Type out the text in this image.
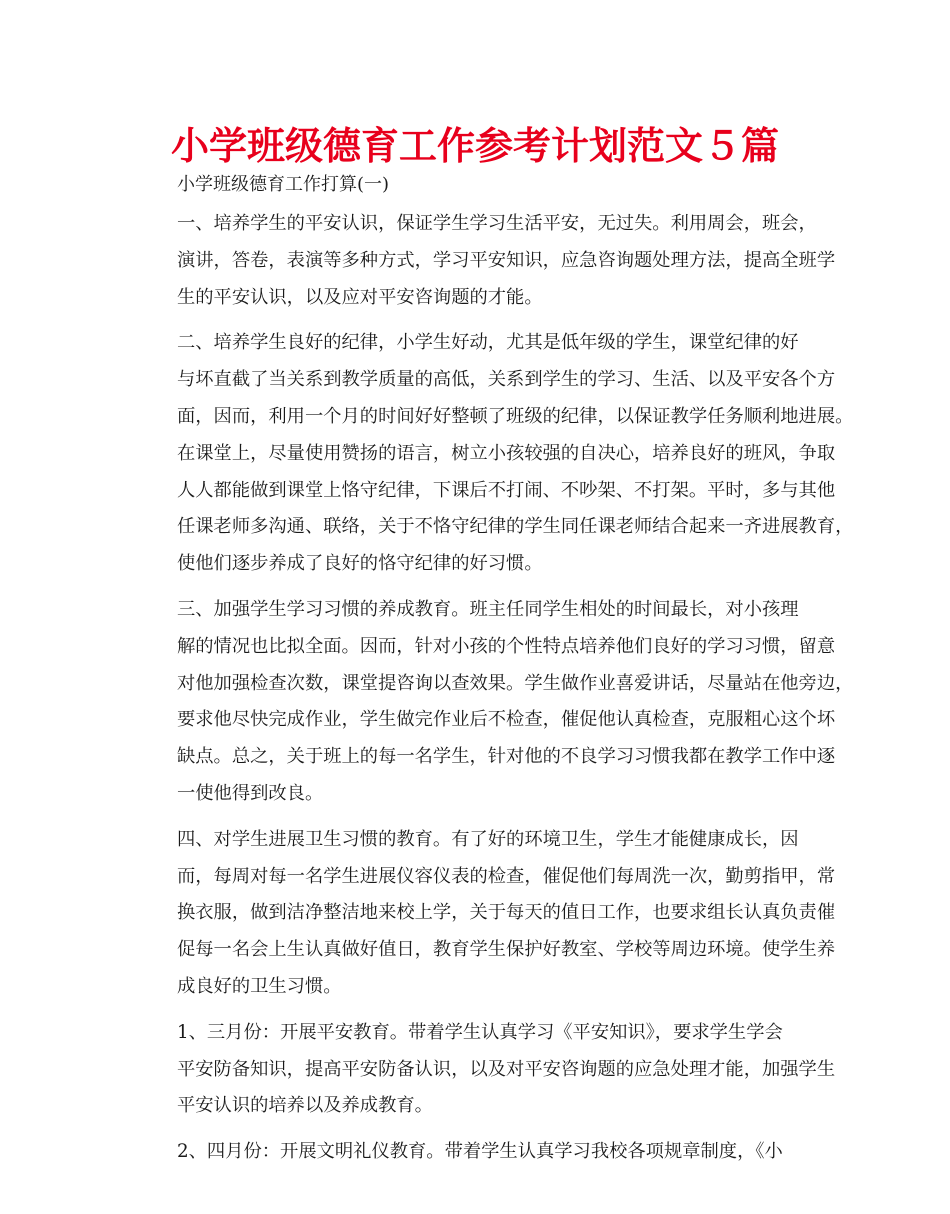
小学班级德育工作参考计划范文５篇
小学班级德育工作打算(一)

一、培养学生的平安认识，保证学生学习生活平安，无过失。利用周会，班会，
演讲，答卷，表演等多种方式，学习平安知识，应急咨询题处理方法，提高全班学
生的平安认识，以及应对平安咨询题的才能。

二、培养学生良好的纪律，小学生好动，尤其是低年级的学生，课堂纪律的好
与坏直截了当关系到教学质量的高低，关系到学生的学习、生活、以及平安各个方
面，因而，利用一个月的时间好好整顿了班级的纪律，以保证教学任务顺利地进展。
在课堂上，尽量使用赞扬的语言，树立小孩较强的自决心，培养良好的班风，争取
人人都能做到课堂上恪守纪律，下课后不打闹、不吵架、不打架。平时，多与其他
任课老师多沟通、联络，关于不恪守纪律的学生同任课老师结合起来一齐进展教育，
使他们逐步养成了良好的恪守纪律的好习惯。

三、加强学生学习习惯的养成教育。班主任同学生相处的时间最长，对小孩理
解的情况也比拟全面。因而，针对小孩的个性特点培养他们良好的学习习惯，留意
对他加强检查次数，课堂提咨询以查效果。学生做作业喜爱讲话，尽量站在他旁边，
要求他尽快完成作业，学生做完作业后不检查，催促他认真检查，克服粗心这个坏
缺点。总之，关于班上的每一名学生，针对他的不良学习习惯我都在教学工作中逐
一使他得到改良。

四、对学生进展卫生习惯的教育。有了好的环境卫生，学生才能健康成长，因
而，每周对每一名学生进展仪容仪表的检查，催促他们每周洗一次，勤剪指甲，常
换衣服，做到洁净整洁地来校上学，关于每天的值日工作，也要求组长认真负责催
促每一名会上生认真做好值日，教育学生保护好教室、学校等周边环境。使学生养
成良好的卫生习惯。

1、三月份：开展平安教育。带着学生认真学习《平安知识》，要求学生学会
平安防备知识，提高平安防备认识，以及对平安咨询题的应急处理才能，加强学生
平安认识的培养以及养成教育。

2、四月份：开展文明礼仪教育。带着学生认真学习我校各项规章制度，《小
